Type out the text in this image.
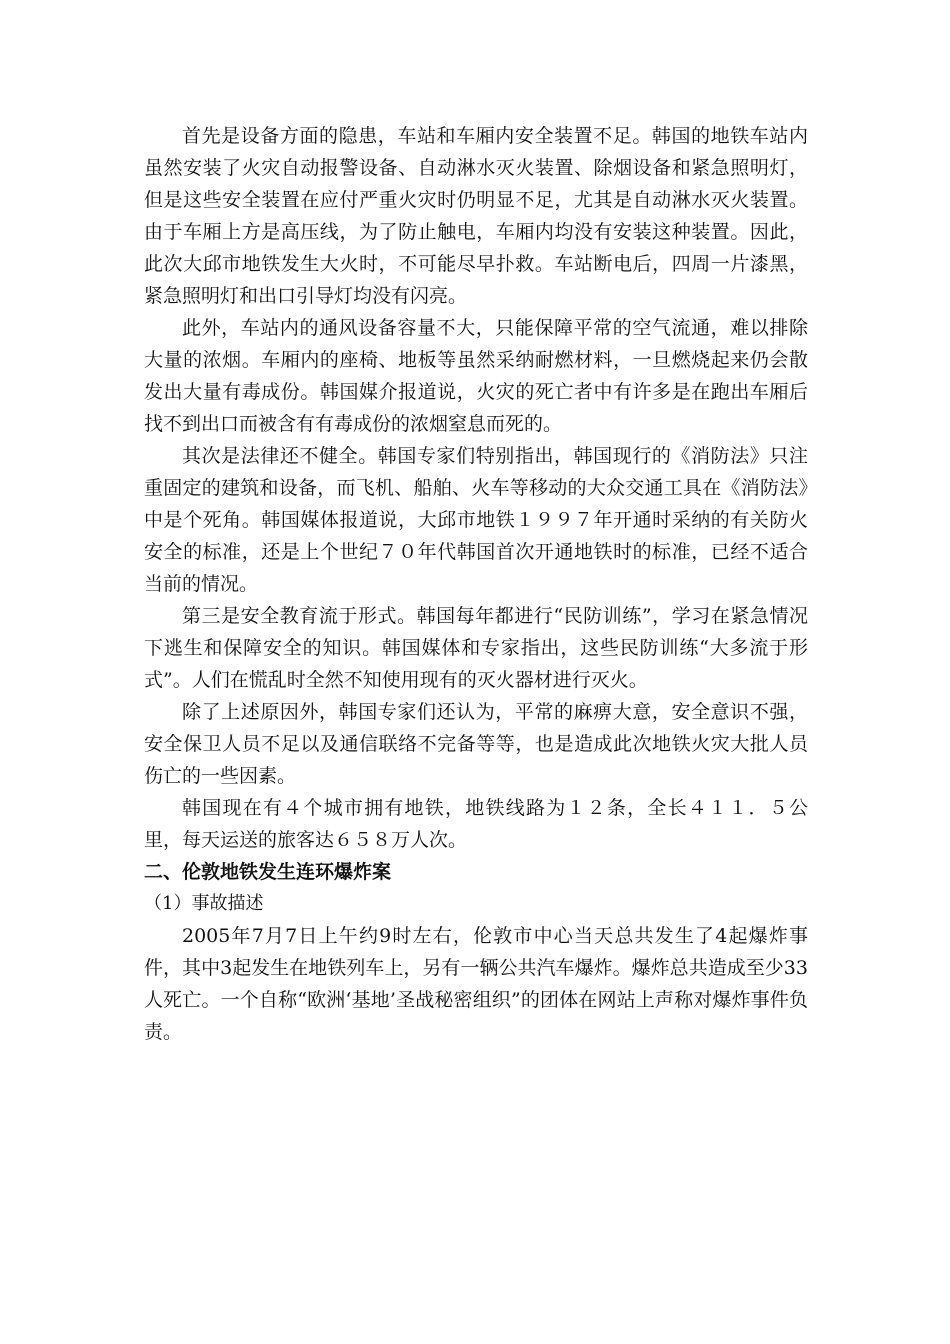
首先是设备方面的隐患，车站和车厢内安全装置不足。韩国的地铁车站内虽然安装了火灾自动报警设备、自动淋水灭火装置、除烟设备和紧急照明灯，但是这些安全装置在应付严重火灾时仍明显不足，尤其是自动淋水灭火装置。由于车厢上方是高压线，为了防止触电，车厢内均没有安装这种装置。因此，此次大邱市地铁发生大火时，不可能尽早扑救。车站断电后，四周一片漆黑，紧急照明灯和出口引导灯均没有闪亮。

此外，车站内的通风设备容量不大，只能保障平常的空气流通，难以排除大量的浓烟。车厢内的座椅、地板等虽然采纳耐燃材料，一旦燃烧起来仍会散发出大量有毒成份。韩国媒介报道说，火灾的死亡者中有许多是在跑出车厢后找不到出口而被含有有毒成份的浓烟窒息而死的。

其次是法律还不健全。韩国专家们特别指出，韩国现行的《消防法》只注重固定的建筑和设备，而飞机、船舶、火车等移动的大众交通工具在《消防法》中是个死角。韩国媒体报道说，大邱市地铁１９９７年开通时采纳的有关防火安全的标准，还是上个世纪７０年代韩国首次开通地铁时的标准，已经不适合当前的情况。

第三是安全教育流于形式。韩国每年都进行“民防训练”，学习在紧急情况下逃生和保障安全的知识。韩国媒体和专家指出，这些民防训练“大多流于形式”。人们在慌乱时全然不知使用现有的灭火器材进行灭火。

除了上述原因外，韩国专家们还认为，平常的麻痹大意，安全意识不强，安全保卫人员不足以及通信联络不完备等等，也是造成此次地铁火灾大批人员伤亡的一些因素。

韩国现在有４个城市拥有地铁，地铁线路为１２条，全长４１１．５公里，每天运送的旅客达６５８万人次。

二、伦敦地铁发生连环爆炸案

（1）事故描述

2005年7月7日上午约9时左右，伦敦市中心当天总共发生了4起爆炸事件，其中3起发生在地铁列车上，另有一辆公共汽车爆炸。爆炸总共造成至少33人死亡。一个自称“欧洲‘基地’圣战秘密组织”的团体在网站上声称对爆炸事件负责。
